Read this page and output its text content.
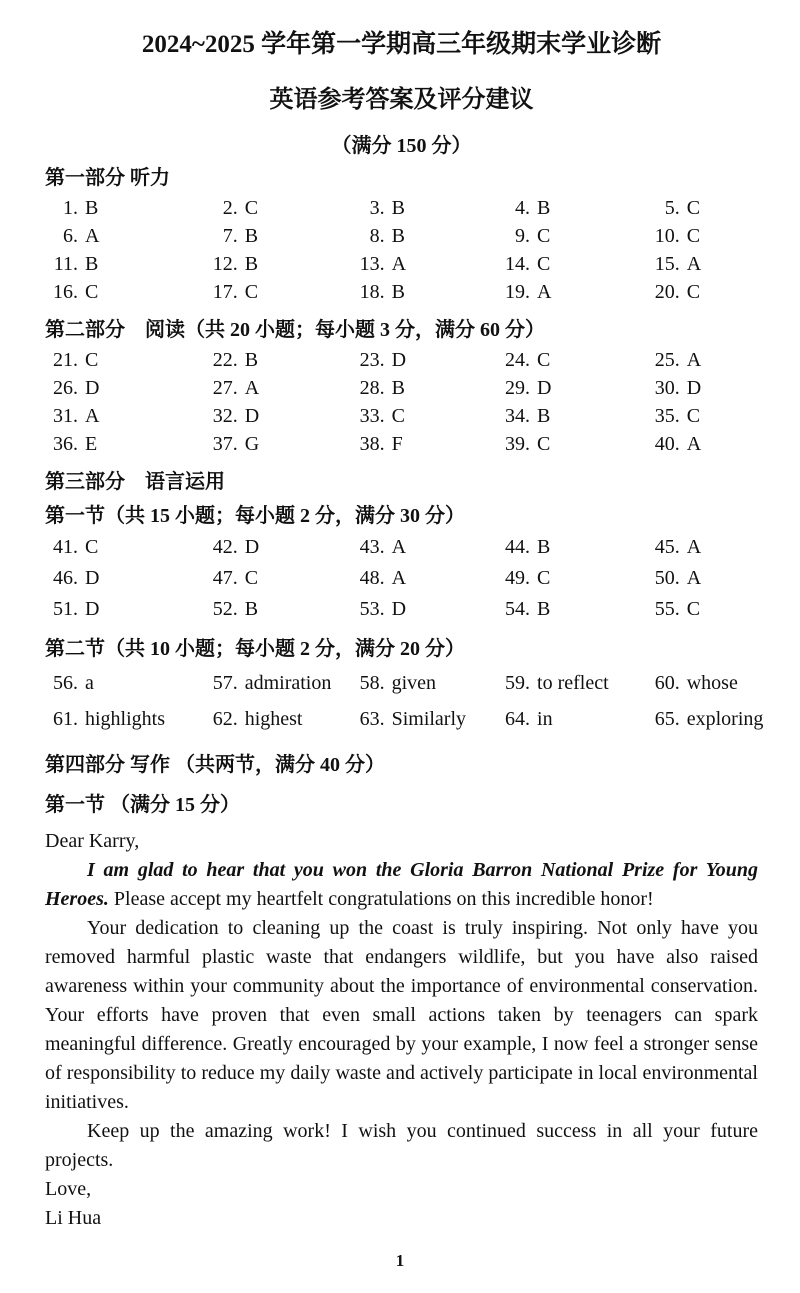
2024~2025 学年第一学期高三年级期末学业诊断
英语参考答案及评分建议
（满分 150 分）
第一部分 听力
1. B	2. C	3. B	4. B	5. C
6. A	7. B	8. B	9. C	10. C
11. B	12. B	13. A	14. C	15. A
16. C	17. C	18. B	19. A	20. C
第二部分　阅读（共 20 小题；每小题 3 分，满分 60 分）
21. C	22. B	23. D	24. C	25. A
26. D	27. A	28. B	29. D	30. D
31. A	32. D	33. C	34. B	35. C
36. E	37. G	38. F	39. C	40. A
第三部分　语言运用
第一节（共 15 小题；每小题 2 分，满分 30 分）
41. C	42. D	43. A	44. B	45. A
46. D	47. C	48. A	49. C	50. A
51. D	52. B	53. D	54. B	55. C
第二节（共 10 小题；每小题 2 分，满分 20 分）
56. a	57. admiration	58. given	59. to reflect	60. whose
61. highlights	62. highest	63. Similarly	64. in	65. exploring
第四部分 写作 （共两节，满分 40 分）
第一节 （满分 15 分）

Dear Karry,

I am glad to hear that you won the Gloria Barron National Prize for Young Heroes. Please accept my heartfelt congratulations on this incredible honor!

Your dedication to cleaning up the coast is truly inspiring. Not only have you removed harmful plastic waste that endangers wildlife, but you have also raised awareness within your community about the importance of environmental conservation. Your efforts have proven that even small actions taken by teenagers can spark meaningful difference. Greatly encouraged by your example, I now feel a stronger sense of responsibility to reduce my daily waste and actively participate in local environmental initiatives.

Keep up the amazing work! I wish you continued success in all your future projects.

Love,

Li Hua

1
